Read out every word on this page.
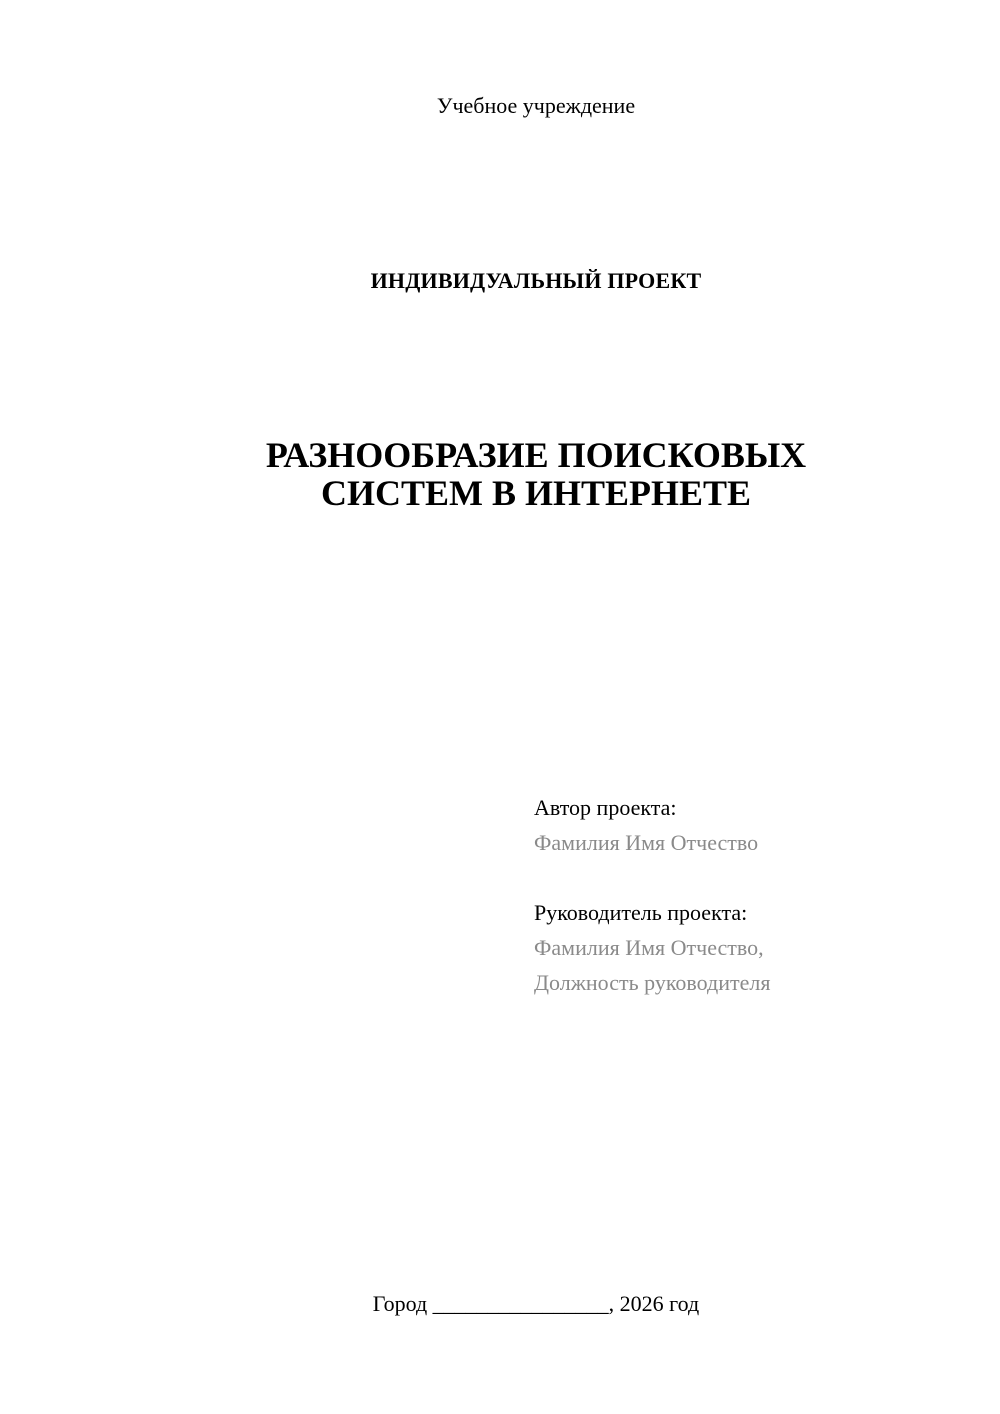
Учебное учреждение
ИНДИВИДУАЛЬНЫЙ ПРОЕКТ
РАЗНООБРАЗИЕ ПОИСКОВЫХ
СИСТЕМ В ИНТЕРНЕТЕ
Автор проекта:
Фамилия Имя Отчество
Руководитель проекта:
Фамилия Имя Отчество,
Должность руководителя
Город ________________, 2026 год
